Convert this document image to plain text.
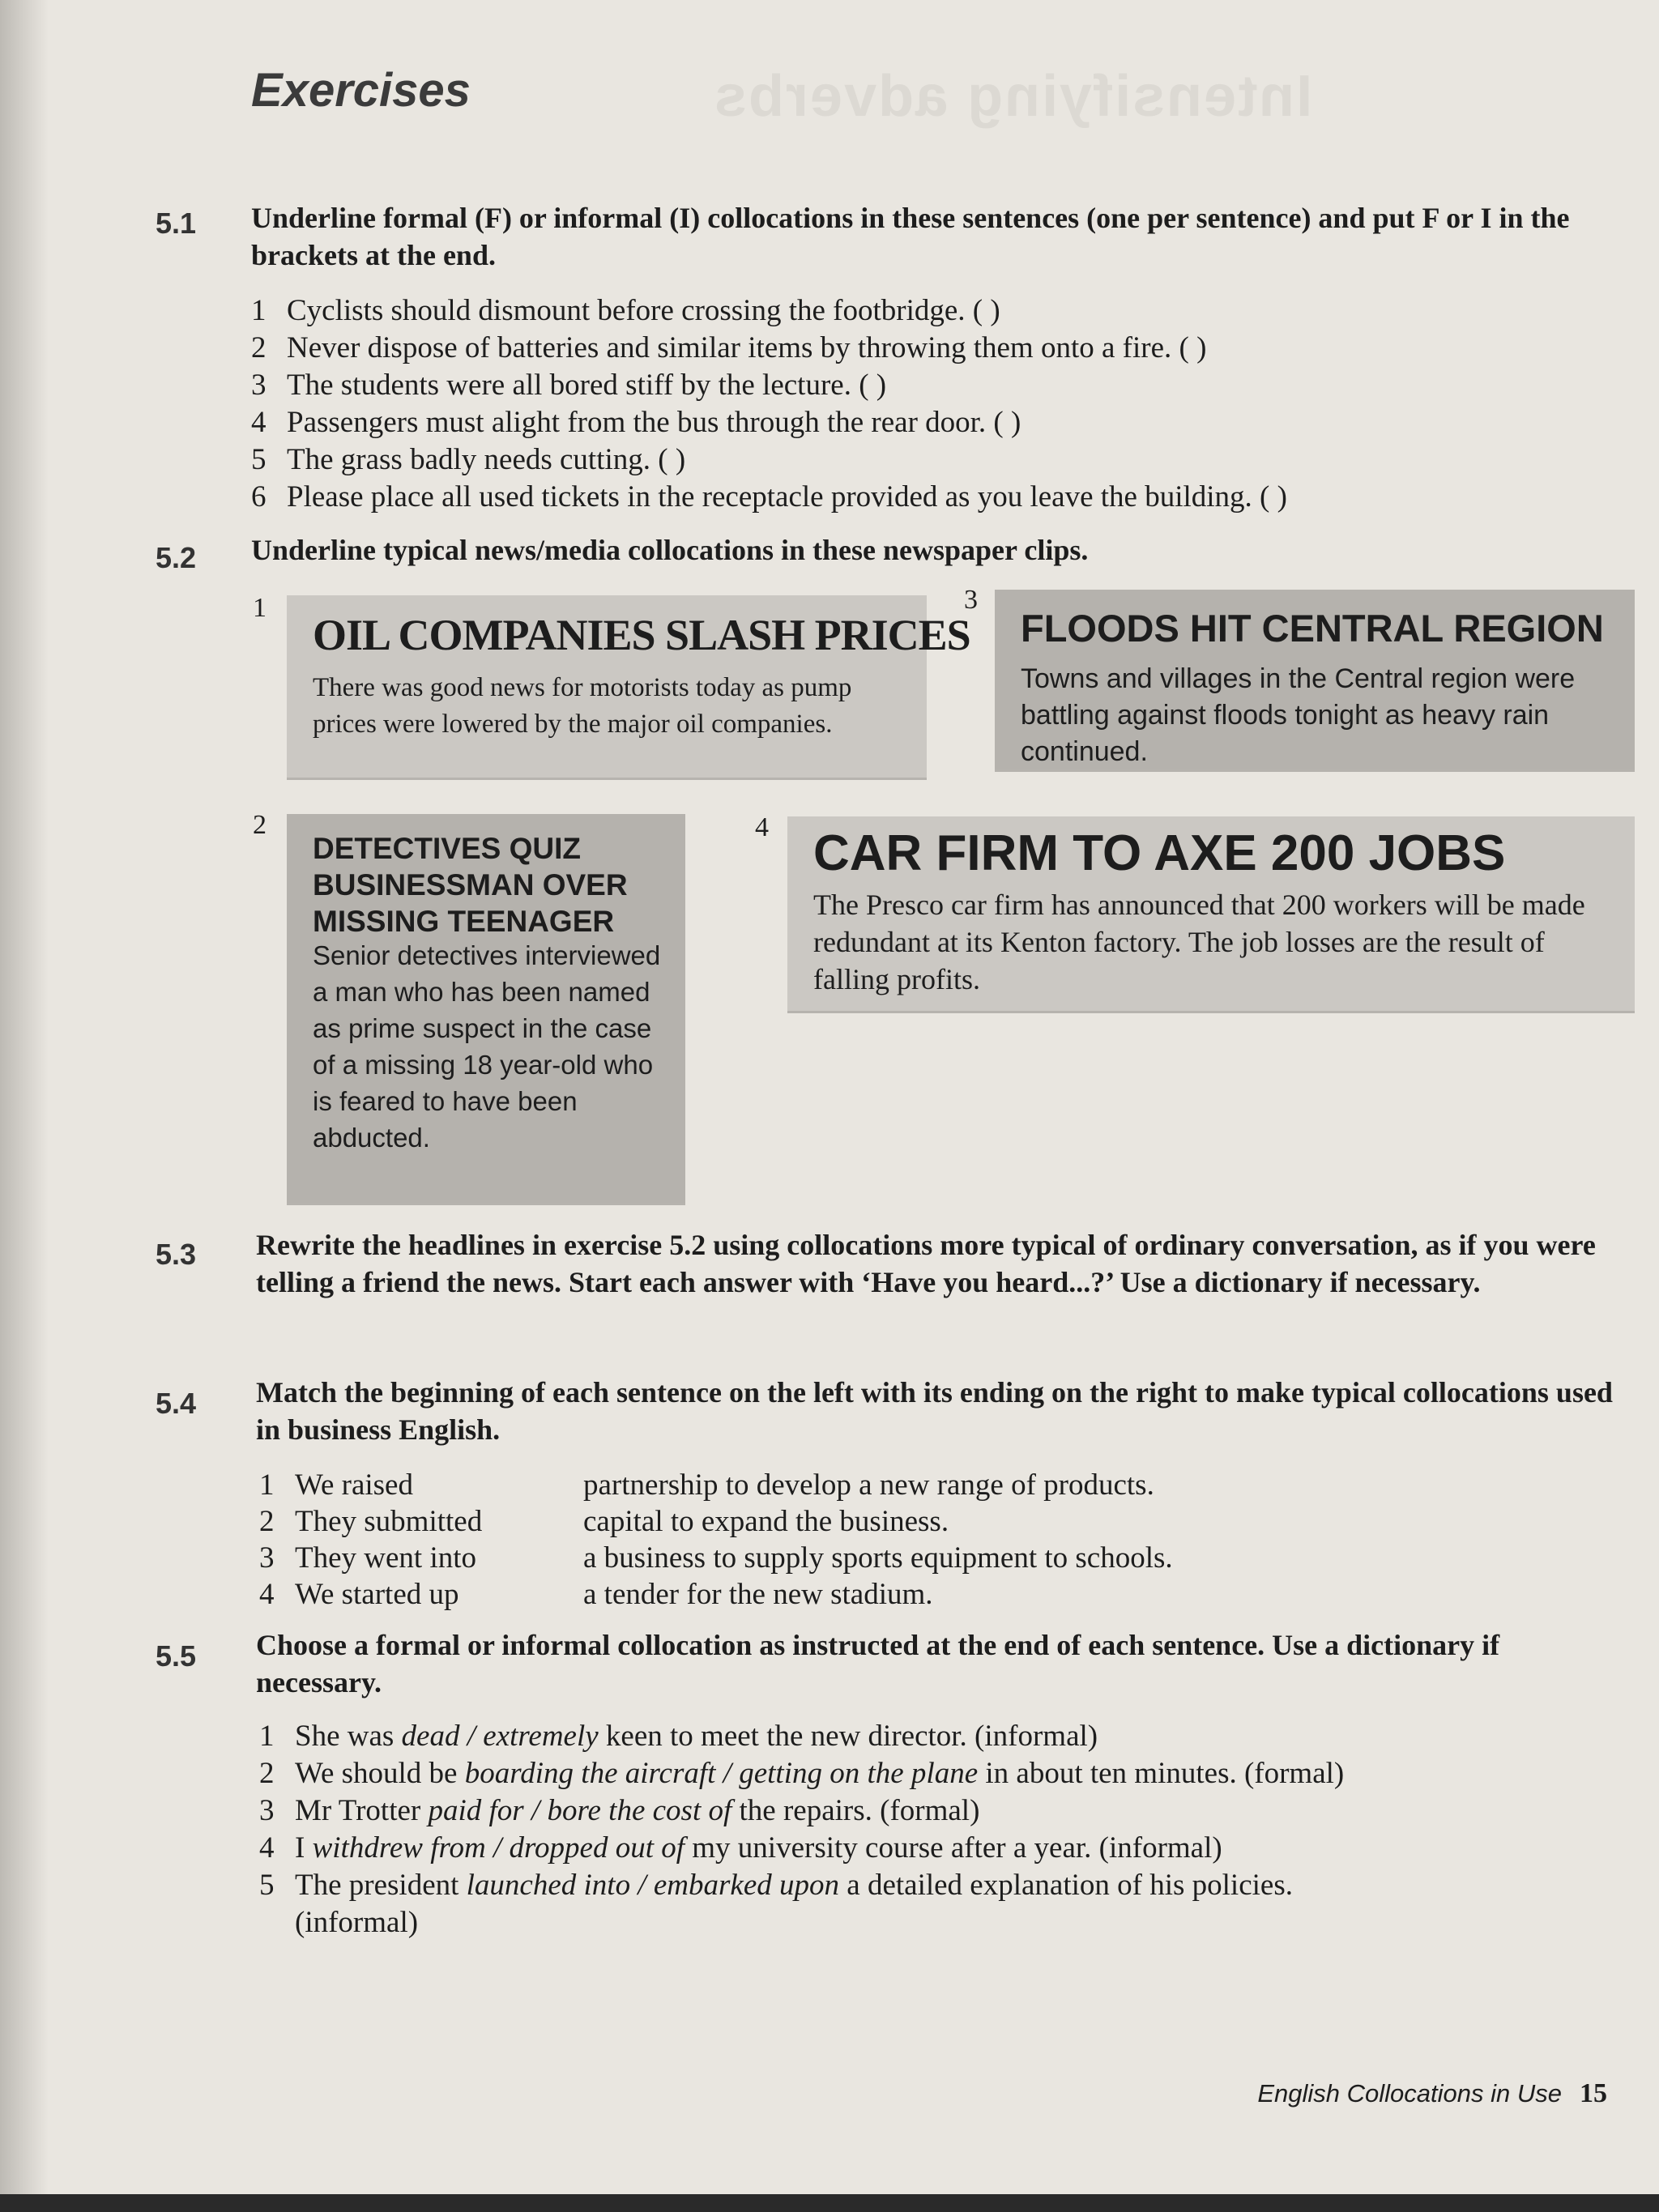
Intensifying adverbs
Exercises
5.1 Underline formal (F) or informal (I) collocations in these sentences (one per sentence) and put F or I in the brackets at the end.
1 Cyclists should dismount before crossing the footbridge. ( )
2 Never dispose of batteries and similar items by throwing them onto a fire. ( )
3 The students were all bored stiff by the lecture. ( )
4 Passengers must alight from the bus through the rear door. ( )
5 The grass badly needs cutting. ( )
6 Please place all used tickets in the receptacle provided as you leave the building. ( )
5.2 Underline typical news/media collocations in these newspaper clips.
1
OIL COMPANIES SLASH PRICES
There was good news for motorists today as pump prices were lowered by the major oil companies.
3
FLOODS HIT CENTRAL REGION
Towns and villages in the Central region were battling against floods tonight as heavy rain continued.
2
DETECTIVES QUIZ BUSINESSMAN OVER MISSING TEENAGER
Senior detectives interviewed a man who has been named as prime suspect in the case of a missing 18 year-old who is feared to have been abducted.
4 CAR FIRM TO AXE 200 JOBS
The Presco car firm has announced that 200 workers will be made redundant at its Kenton factory. The job losses are the result of falling profits.
5.3 Rewrite the headlines in exercise 5.2 using collocations more typical of ordinary conversation, as if you were telling a friend the news. Start each answer with ‘Have you heard...?’ Use a dictionary if necessary.
5.4 Match the beginning of each sentence on the left with its ending on the right to make typical collocations used in business English.
1 We raised	partnership to develop a new range of products.
2 They submitted	capital to expand the business.
3 They went into	a business to supply sports equipment to schools.
4 We started up	a tender for the new stadium.
5.5 Choose a formal or informal collocation as instructed at the end of each sentence. Use a dictionary if necessary.
1 She was dead / extremely keen to meet the new director. (informal)
2 We should be boarding the aircraft / getting on the plane in about ten minutes. (formal)
3 Mr Trotter paid for / bore the cost of the repairs. (formal)
4 I withdrew from / dropped out of my university course after a year. (informal)
5 The president launched into / embarked upon a detailed explanation of his policies.
(informal)
English Collocations in Use 15
